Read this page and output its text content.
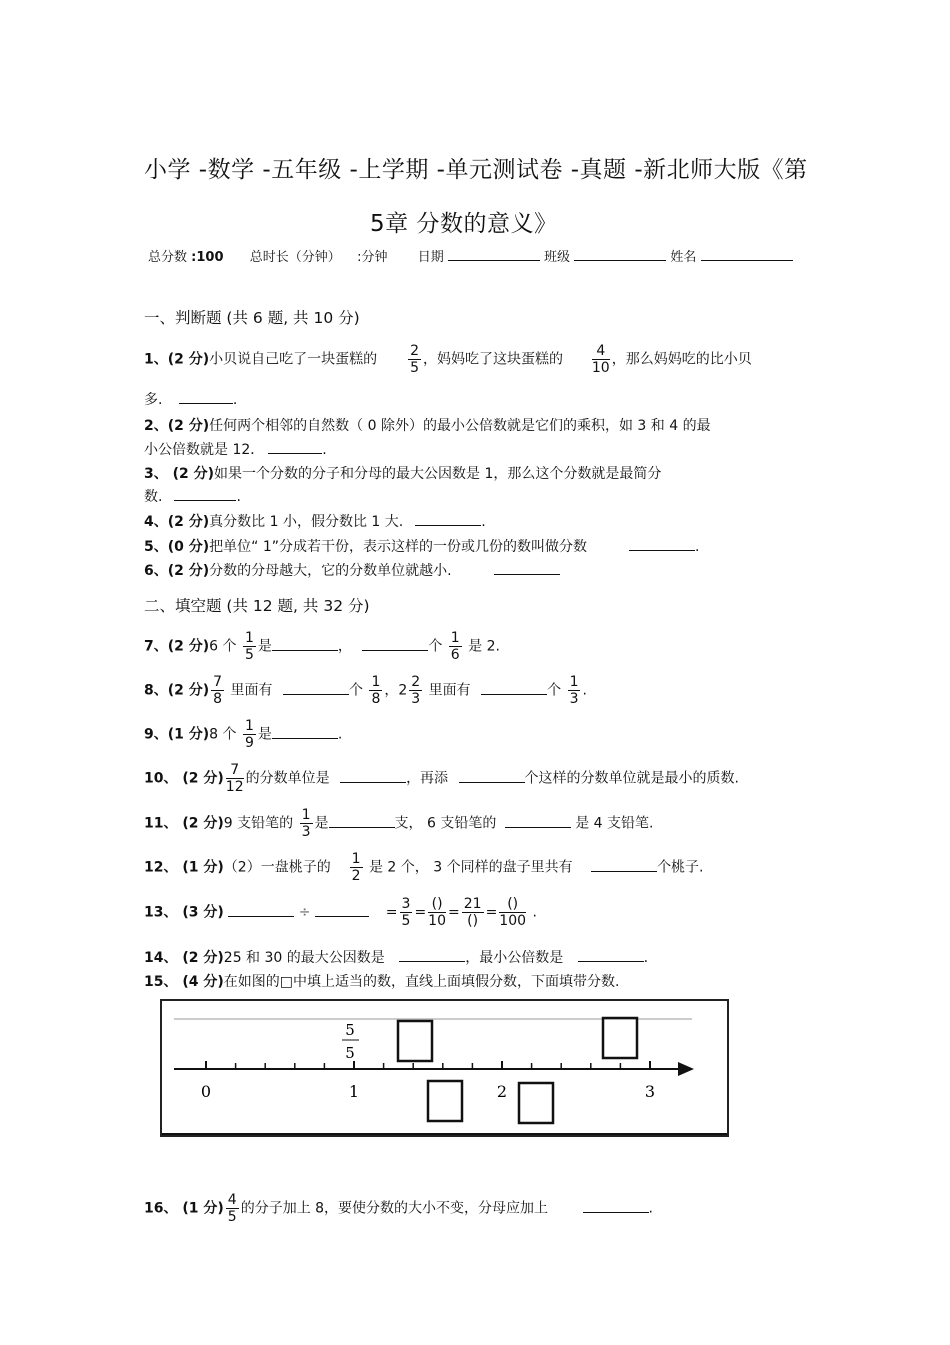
小学 -数学 -五年级 -上学期 -单元测试卷 -真题 -新北师大版《第
5章 分数的意义》
总分数 :100 总时长（分钟） :分钟 日期	班级	姓名
一、判断题 (共 6 题, 共 10 分)
1、(2 分)小贝说自己吃了一块蛋糕的 $\frac{2}{5}$ ，妈妈吃了这块蛋糕的 $\frac{4}{10}$ ，那么妈妈吃的比小贝
多.	.
2、(2 分)任何两个相邻的自然数（ 0 除外）的最小公倍数就是它们的乘积，如 3 和 4 的最
小公倍数就是 12．	.
3、 (2 分)如果一个分数的分子和分母的最大公因数是 1，那么这个分数就是最简分
数.	.
4、(2 分)真分数比 1 小，假分数比 1 大.	.
5、(0 分)把单位“ 1”分成若干份，表示这样的一份或几份的数叫做分数	.
6、(2 分)分数的分母越大，它的分数单位就越小.
二、填空题 (共 12 题, 共 32 分)
7、(2 分)6 个 $\frac{1}{5}$ 是	，	个 $\frac{1}{6}$ 是 2.
8、(2 分) $\frac{7}{8}$ 里面有	个 $\frac{1}{8}$ ，$2 \frac{2}{3}$ 里面有	个 $\frac{1}{3}$ .
9、(1 分)8 个 $\frac{1}{9}$ 是	.
10、 (2 分) $\frac{7}{12}$ 的分数单位是	，再添	个这样的分数单位就是最小的质数.
11、 (2 分)9 支铅笔的 $\frac{1}{3}$ 是	支， 6 支铅笔的	是 4 支铅笔.
12、 (1 分)（2）一盘桃子的 $\frac{1}{2}$ 是 2 个， 3 个同样的盘子里共有	个桃子.
13、 (3 分)	÷	= $\frac{3}{5} = \frac{()}{10} = \frac{21}{()} = \frac{()}{100}$ .
14、 (2 分)25 和 30 的最大公因数是	，最小公倍数是	.
15、 (4 分)在如图的□中填上适当的数，直线上面填假分数，下面填带分数.
0	1	2	3
5
5
16、 (1 分) $\frac{4}{5}$ 的分子加上 8，要使分数的大小不变，分母应加上	.
